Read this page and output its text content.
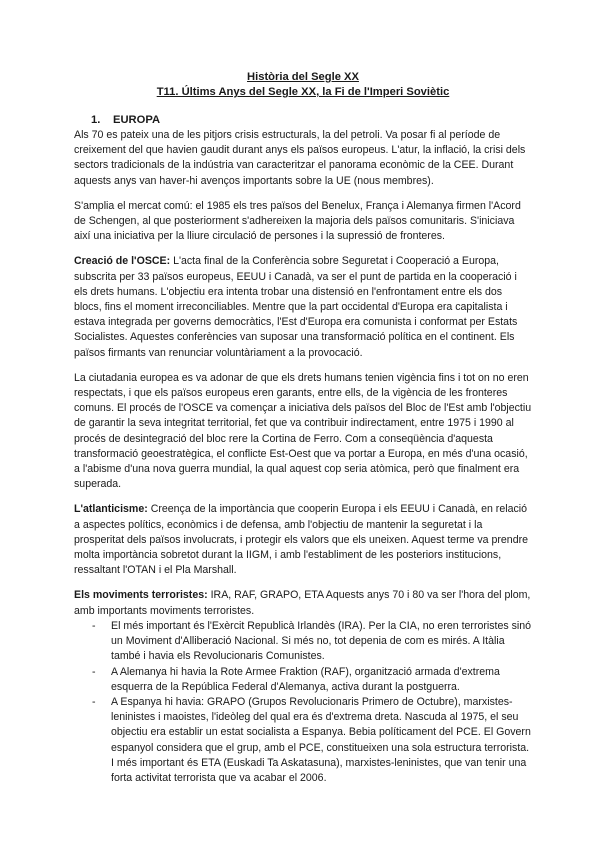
Història del Segle XX
T11. Últims Anys del Segle XX, la Fi de l'Imperi Soviètic
1. EUROPA

Als 70 es pateix una de les pitjors crisis estructurals, la del petroli. Va posar fi al període de creixement del que havien gaudit durant anys els països europeus. L'atur, la inflació, la crisi dels sectors tradicionals de la indústria van caracteritzar el panorama econòmic de la CEE. Durant aquests anys van haver-hi avenços importants sobre la UE (nous membres).

S'amplia el mercat comú: el 1985 els tres països del Benelux, França i Alemanya firmen l'Acord de Schengen, al que posteriorment s'adhereixen la majoria dels països comunitaris. S'iniciava així una iniciativa per la lliure circulació de persones i la supressió de fronteres.

Creació de l'OSCE: L'acta final de la Conferència sobre Seguretat i Cooperació a Europa, subscrita per 33 països europeus, EEUU i Canadà, va ser el punt de partida en la cooperació i els drets humans. L'objectiu era intenta trobar una distensió en l'enfrontament entre els dos blocs, fins el moment irreconciliables. Mentre que la part occidental d'Europa era capitalista i estava integrada per governs democràtics, l'Est d'Europa era comunista i conformat per Estats Socialistes. Aquestes conferències van suposar una transformació política en el continent. Els països firmants van renunciar voluntàriament a la provocació.

La ciutadania europea es va adonar de que els drets humans tenien vigència fins i tot on no eren respectats, i que els països europeus eren garants, entre ells, de la vigència de les fronteres comuns. El procés de l'OSCE va començar a iniciativa dels països del Bloc de l'Est amb l'objectiu de garantir la seva integritat territorial, fet que va contribuir indirectament, entre 1975 i 1990 al procés de desintegració del bloc rere la Cortina de Ferro. Com a conseqüència d'aquesta transformació geoestratègica, el conflicte Est-Oest que va portar a Europa, en més d'una ocasió, a l'abisme d'una nova guerra mundial, la qual aquest cop seria atòmica, però que finalment era superada.

L'atlanticisme: Creença de la importància que cooperin Europa i els EEUU i Canadà, en relació a aspectes polítics, econòmics i de defensa, amb l'objectiu de mantenir la seguretat i la prosperitat dels països involucrats, i protegir els valors que els uneixen. Aquest terme va prendre molta importància sobretot durant la IIGM, i amb l'establiment de les posteriors institucions, ressaltant l'OTAN i el Pla Marshall.

Els moviments terroristes: IRA, RAF, GRAPO, ETA Aquests anys 70 i 80 va ser l'hora del plom, amb importants moviments terroristes.

- El més important és l'Exèrcit Republicà Irlandès (IRA). Per la CIA, no eren terroristes sinó un Moviment d'Alliberació Nacional. Si més no, tot depenia de com es mirés. A Itàlia també i havia els Revolucionaris Comunistes.
- A Alemanya hi havia la Rote Armee Fraktion (RAF), organització armada d'extrema esquerra de la República Federal d'Alemanya, activa durant la postguerra.
- A Espanya hi havia: GRAPO (Grupos Revolucionaris Primero de Octubre), marxistes-leninistes i maoistes, l'ideòleg del qual era és d'extrema dreta. Nascuda al 1975, el seu objectiu era establir un estat socialista a Espanya. Bebia políticament del PCE. El Govern espanyol considera que el grup, amb el PCE, constitueixen una sola estructura terrorista. I més important és ETA (Euskadi Ta Askatasuna), marxistes-leninistes, que van tenir una forta activitat terrorista que va acabar el 2006.
